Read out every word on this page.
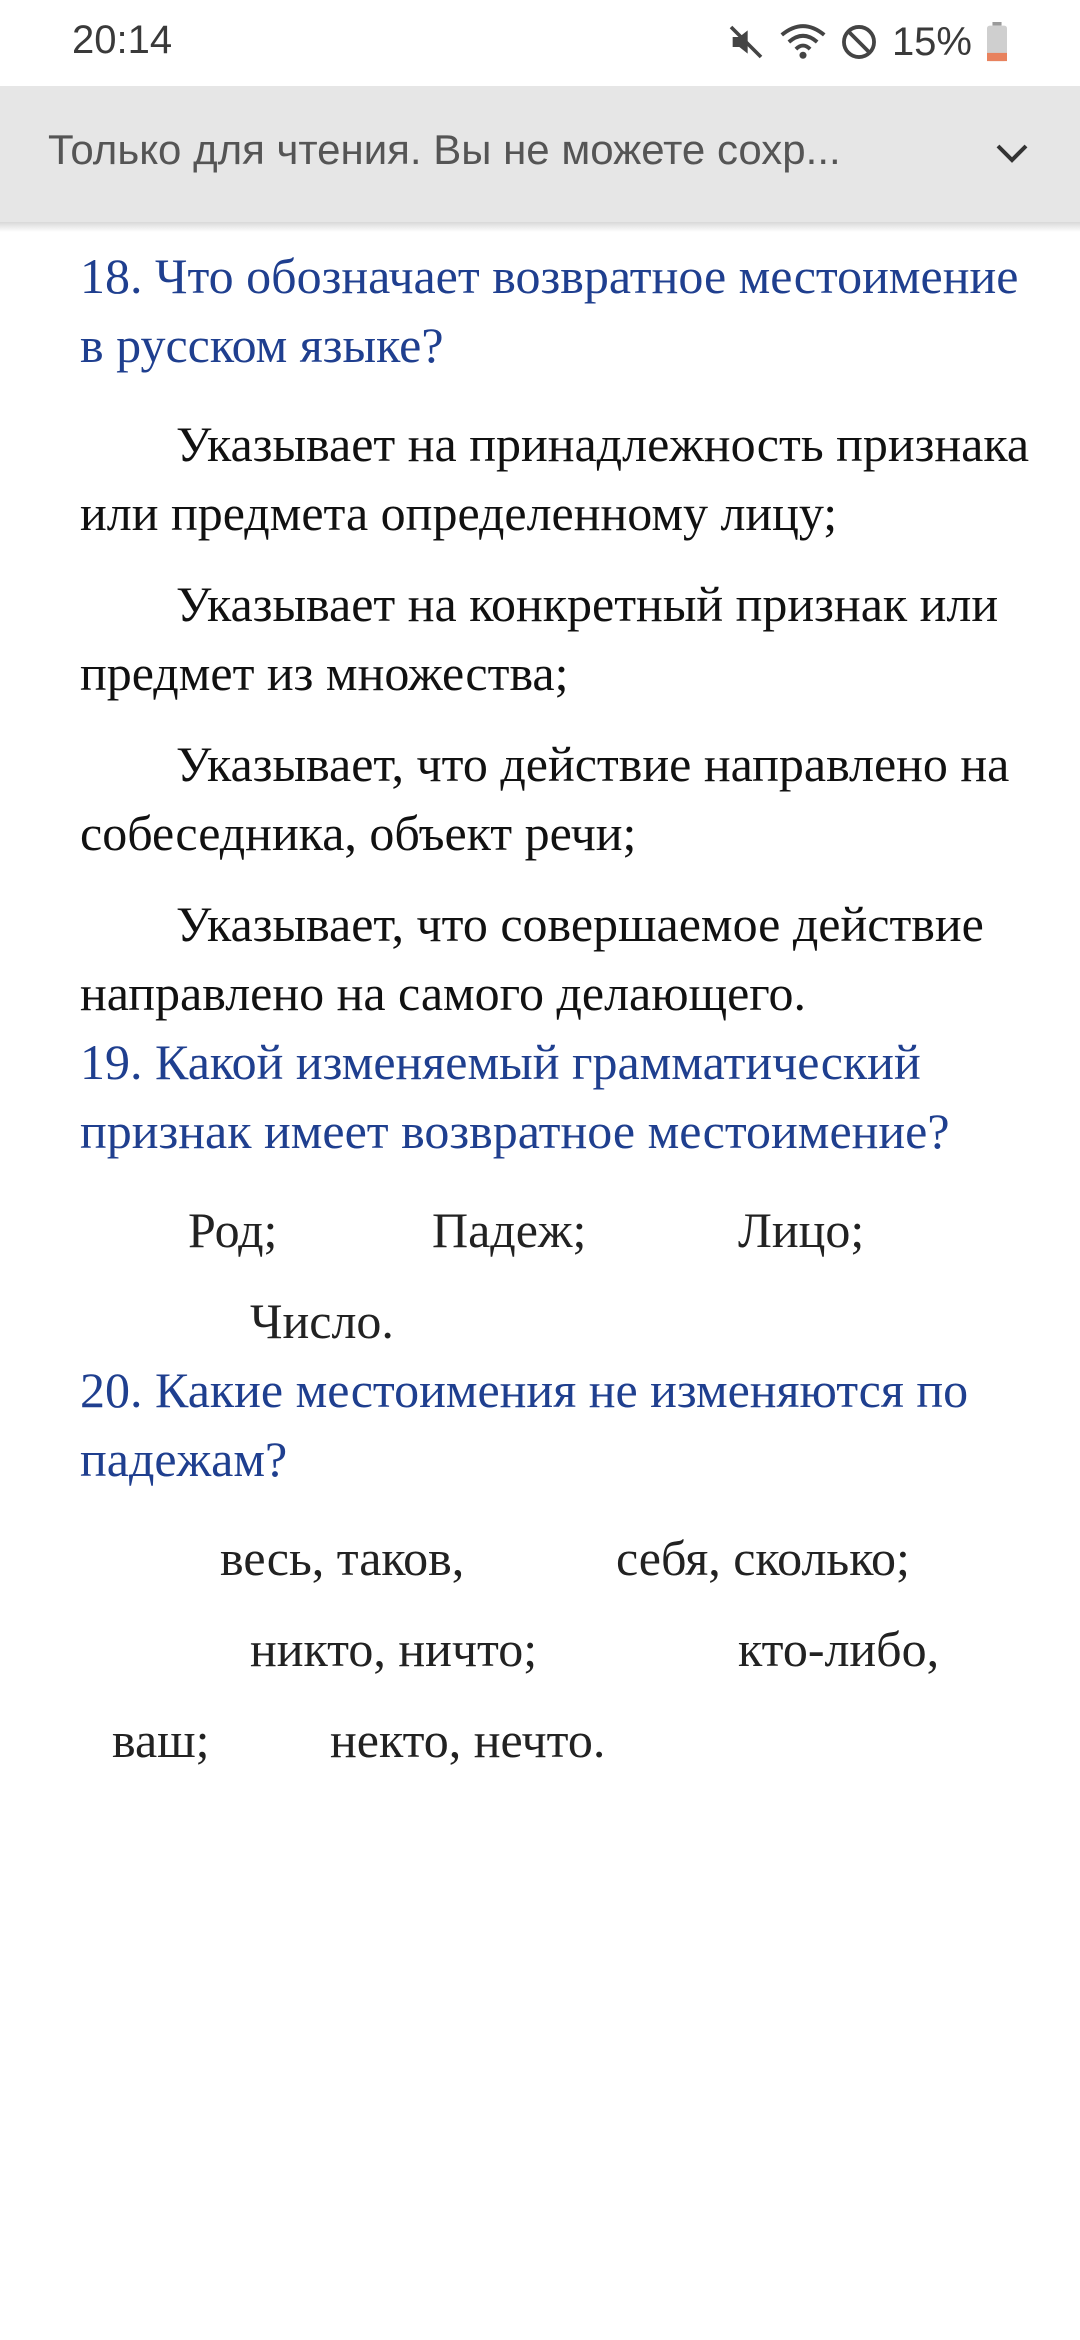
20:14	15%
Только для чтения. Вы не можете сохр...

18. Что обозначает возвратное местоимение в русском языке?

Указывает на принадлежность признака или предмета определенному лицу;

Указывает на конкретный признак или предмет из множества;

Указывает, что действие направлено на собеседника, объект речи;

Указывает, что совершаемое действие направлено на самого делающего.

19. Какой изменяемый грамматический признак имеет возвратное местоимение?

Род;	Падеж;	Лицо;
Число.

20. Какие местоимения не изменяются по падежам?

весь, таков,	себя, сколько;
никто, ничто;	кто-либо,
ваш; некто, нечто.
